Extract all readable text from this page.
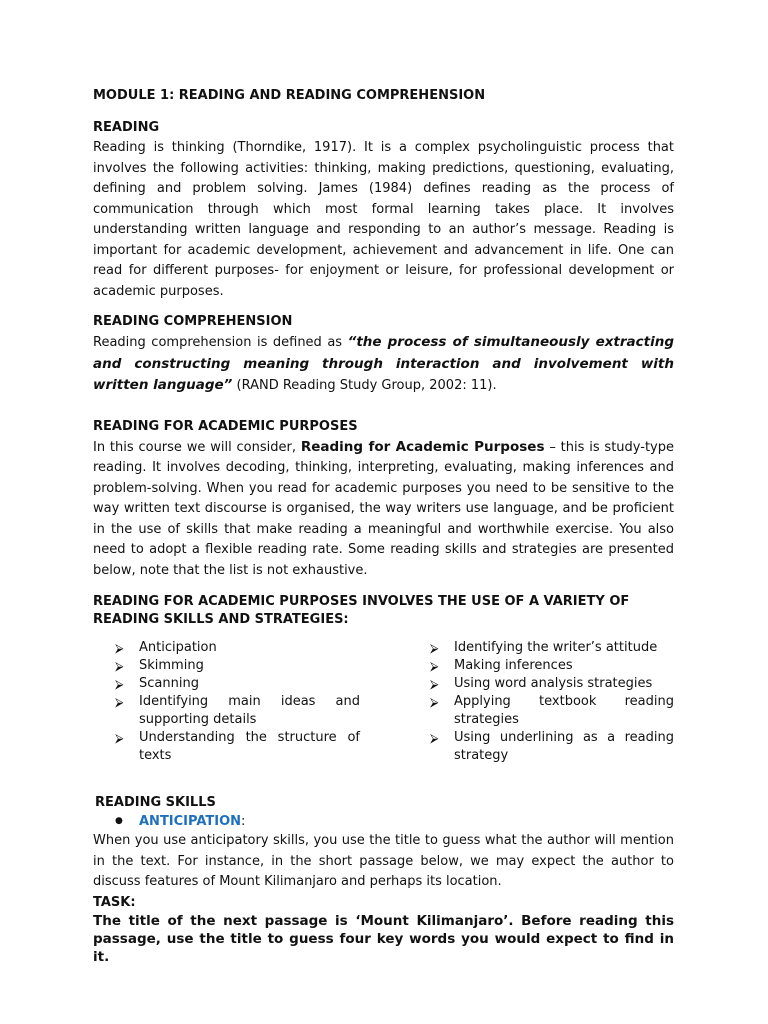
MODULE 1: READING AND READING COMPREHENSION
READING

Reading is thinking (Thorndike, 1917). It is a complex psycholinguistic process that involves the following activities: thinking, making predictions, questioning, evaluating, defining and problem solving. James (1984) defines reading as the process of communication through which most formal learning takes place. It involves understanding written language and responding to an author’s message. Reading is important for academic development, achievement and advancement in life. One can read for different purposes- for enjoyment or leisure, for professional development or academic purposes.

READING COMPREHENSION

Reading comprehension is defined as “the process of simultaneously extracting and constructing meaning through interaction and involvement with written language” (RAND Reading Study Group, 2002: 11).

READING FOR ACADEMIC PURPOSES

In this course we will consider, Reading for Academic Purposes – this is study-type reading. It involves decoding, thinking, interpreting, evaluating, making inferences and problem-solving. When you read for academic purposes you need to be sensitive to the way written text discourse is organised, the way writers use language, and be proficient in the use of skills that make reading a meaningful and worthwhile exercise. You also need to adopt a flexible reading rate. Some reading skills and strategies are presented below, note that the list is not exhaustive.

READING FOR ACADEMIC PURPOSES INVOLVES THE USE OF A VARIETY OF READING SKILLS AND STRATEGIES:
⮚	Anticipation
⮚	Skimming
⮚	Scanning
⮚	Identifying main ideas and supporting details
⮚	Understanding the structure of texts
⮚	Identifying the writer’s attitude
⮚	Making inferences
⮚	Using word analysis strategies
⮚	Applying textbook reading strategies
⮚	Using underlining as a reading strategy
READING SKILLS
●	ANTICIPATION :

When you use anticipatory skills, you use the title to guess what the author will mention in the text. For instance, in the short passage below, we may expect the author to discuss features of Mount Kilimanjaro and perhaps its location.

TASK:

The title of the next passage is ‘Mount Kilimanjaro’. Before reading this passage, use the title to guess four key words you would expect to find in it.
